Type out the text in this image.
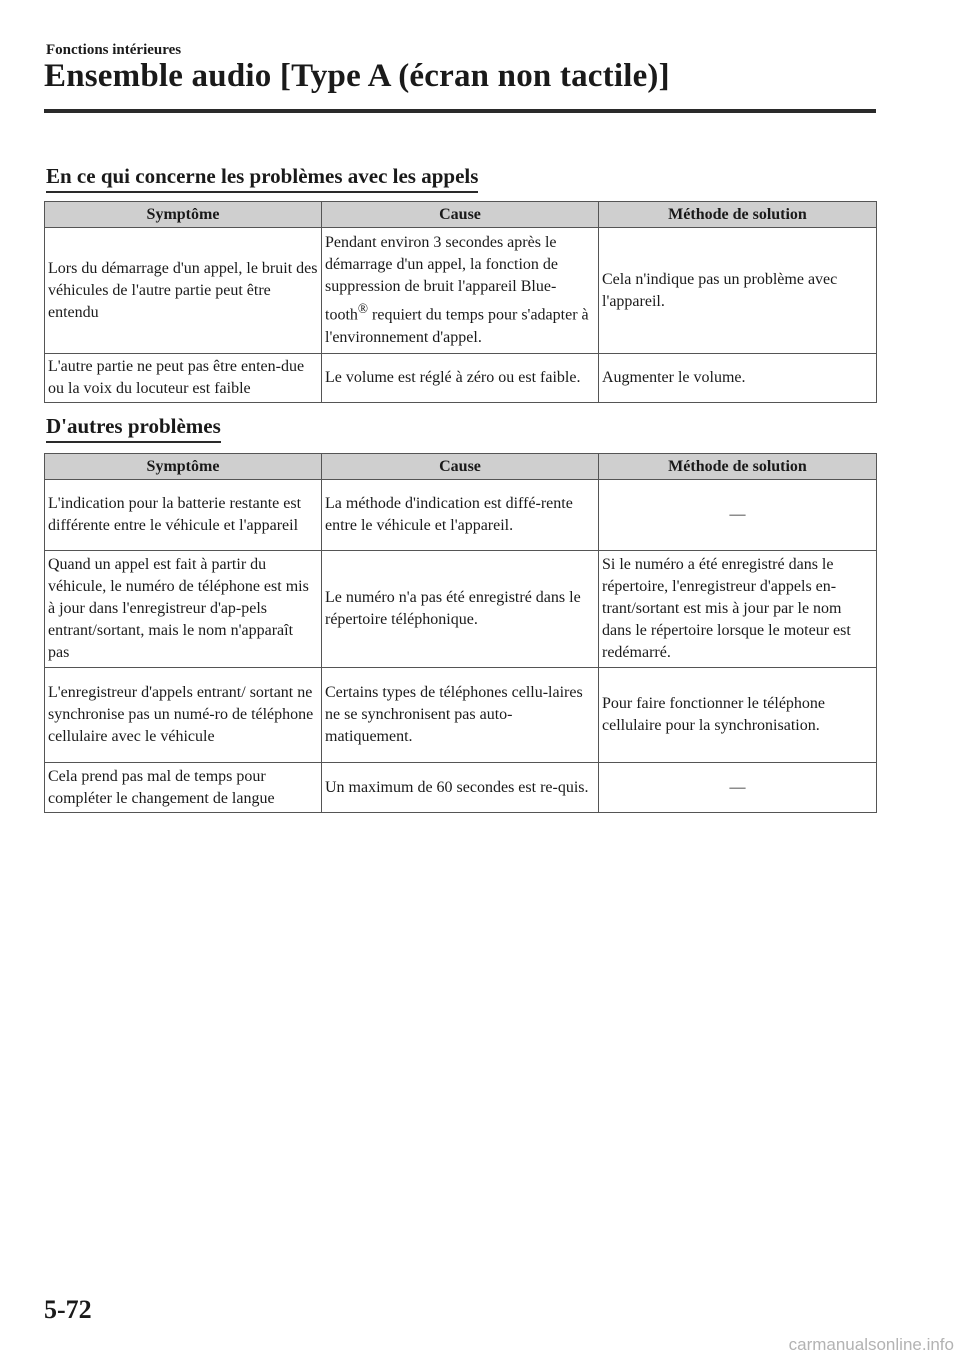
Fonctions intérieures
Ensemble audio [Type A (écran non tactile)]
En ce qui concerne les problèmes avec les appels
Symptôme	Cause	Méthode de solution
Lors du démarrage d'un appel, le bruit des véhicules de l'autre partie peut être entendu	Pendant environ 3 secondes après le démarrage d'un appel, la fonction de suppression de bruit l'appareil Blue-tooth® requiert du temps pour s'adapter à l'environnement d'appel.	Cela n'indique pas un problème avec l'appareil.
L'autre partie ne peut pas être enten-due ou la voix du locuteur est faible	Le volume est réglé à zéro ou est faible.	Augmenter le volume.
D'autres problèmes
Symptôme	Cause	Méthode de solution
L'indication pour la batterie restante est différente entre le véhicule et l'appareil	La méthode d'indication est diffé-rente entre le véhicule et l'appareil.	—
Quand un appel est fait à partir du véhicule, le numéro de téléphone est mis à jour dans l'enregistreur d'ap-pels entrant/sortant, mais le nom n'apparaît pas	Le numéro n'a pas été enregistré dans le répertoire téléphonique.	Si le numéro a été enregistré dans le répertoire, l'enregistreur d'appels en-trant/sortant est mis à jour par le nom dans le répertoire lorsque le moteur est redémarré.
L'enregistreur d'appels entrant/ sortant ne synchronise pas un numé-ro de téléphone cellulaire avec le véhicule	Certains types de téléphones cellu-laires ne se synchronisent pas auto-matiquement.	Pour faire fonctionner le téléphone cellulaire pour la synchronisation.
Cela prend pas mal de temps pour compléter le changement de langue	Un maximum de 60 secondes est re-quis.	—
5-72
carmanualsonline.info
